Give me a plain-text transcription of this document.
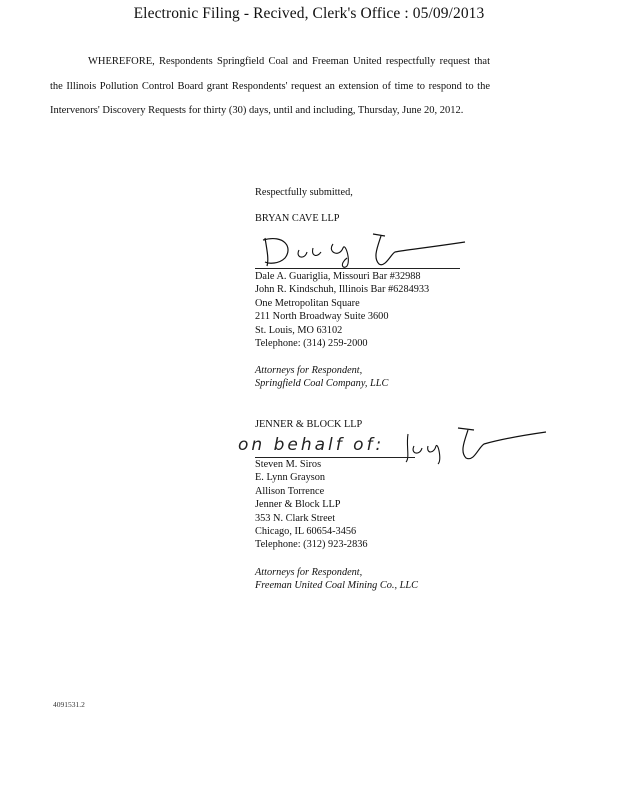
Electronic Filing - Recived, Clerk's Office : 05/09/2013
WHEREFORE, Respondents Springfield Coal and Freeman United respectfully request that the Illinois Pollution Control Board grant Respondents' request an extension of time to respond to the Intervenors' Discovery Requests for thirty (30) days, until and including, Thursday, June 20, 2012.
Respectfully submitted,
BRYAN CAVE LLP
Dale A. Guariglia, Missouri Bar #32988
John R. Kindschuh, Illinois Bar #6284933
One Metropolitan Square
211 North Broadway Suite 3600
St. Louis, MO 63102
Telephone: (314) 259-2000
Attorneys for Respondent,
Springfield Coal Company, LLC
JENNER & BLOCK LLP
on behalf of:
Steven M. Siros
E. Lynn Grayson
Allison Torrence
Jenner & Block LLP
353 N. Clark Street
Chicago, IL 60654-3456
Telephone: (312) 923-2836
Attorneys for Respondent,
Freeman United Coal Mining Co., LLC
4091531.2
